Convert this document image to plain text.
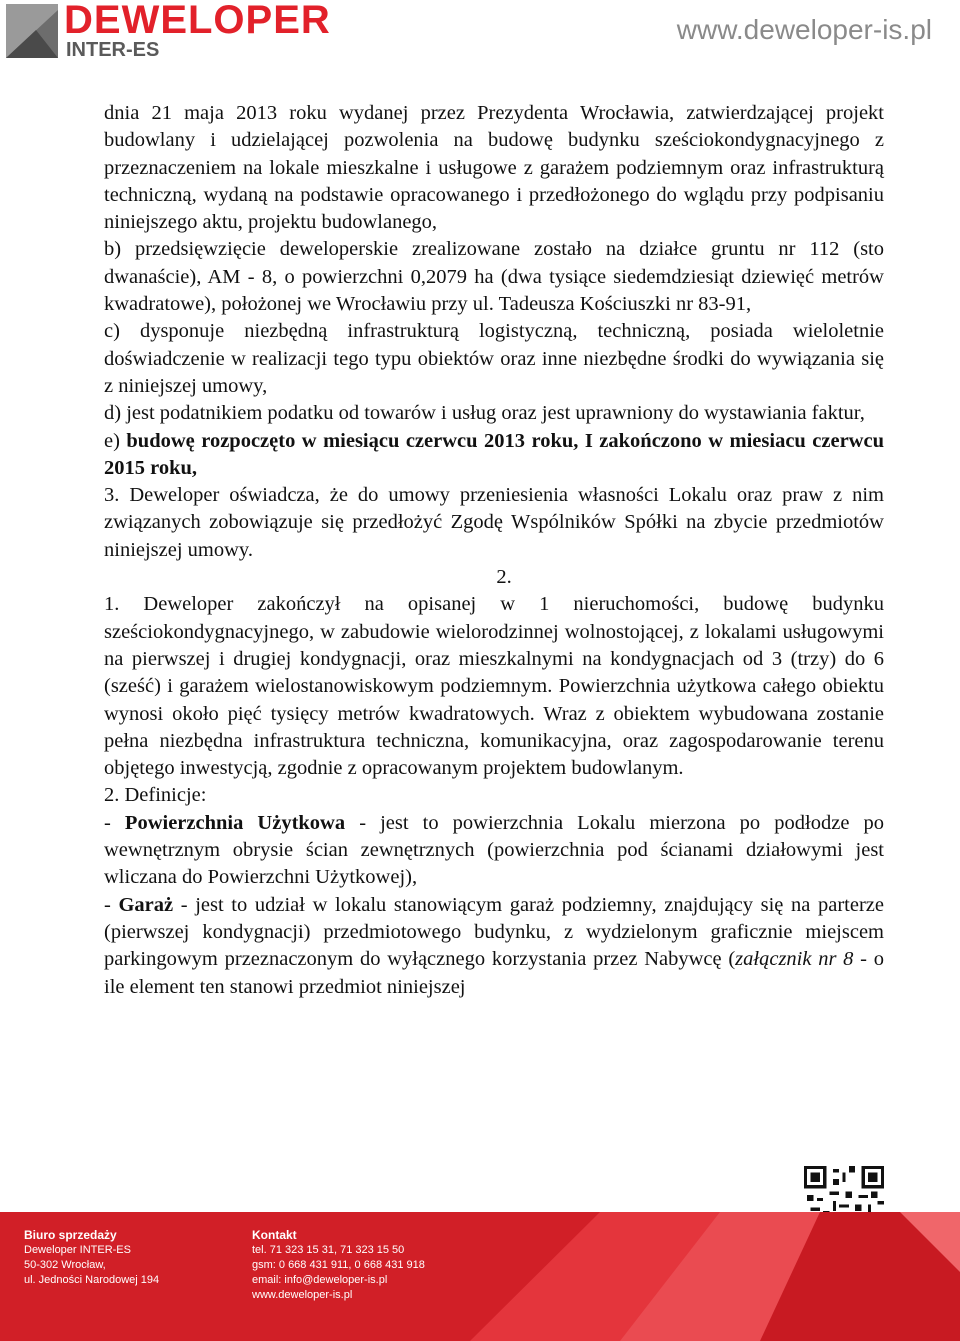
DEWELOPER
INTER-ES
www.deweloper-is.pl

dnia 21 maja 2013 roku wydanej przez Prezydenta Wrocławia, zatwierdzającej projekt budowlany i udzielającej pozwolenia na budowę budynku sześciokondygnacyjnego z przeznaczeniem na lokale mieszkalne i usługowe z garażem podziemnym oraz infrastrukturą techniczną, wydaną na podstawie opracowanego i przedłożonego do wglądu przy podpisaniu niniejszego aktu, projektu budowlanego,

b) przedsięwzięcie deweloperskie zrealizowane zostało na działce gruntu nr 112 (sto dwanaście), AM - 8, o powierzchni 0,2079 ha (dwa tysiące siedemdziesiąt dziewięć metrów kwadratowe), położonej we Wrocławiu przy ul. Tadeusza Kościuszki nr 83-91,

c) dysponuje niezbędną infrastrukturą logistyczną, techniczną, posiada wieloletnie doświadczenie w realizacji tego typu obiektów oraz inne niezbędne środki do wywiązania się z niniejszej umowy,

d) jest podatnikiem podatku od towarów i usług oraz jest uprawniony do wystawiania faktur,

e) budowę rozpoczęto w miesiącu czerwcu 2013 roku, I zakończono w miesiacu czerwcu 2015 roku,

3. Deweloper oświadcza, że do umowy przeniesienia własności Lokalu oraz praw z nim związanych zobowiązuje się przedłożyć Zgodę Wspólników Spółki na zbycie przedmiotów niniejszej umowy.

2.

1. Deweloper zakończył na opisanej w 1 nieruchomości, budowę budynku sześciokondygnacyjnego, w zabudowie wielorodzinnej wolnostojącej, z lokalami usługowymi na pierwszej i drugiej kondygnacji, oraz mieszkalnymi na kondygnacjach od 3 (trzy) do 6 (sześć) i garażem wielostanowiskowym podziemnym. Powierzchnia użytkowa całego obiektu wynosi około pięć tysięcy metrów kwadratowych. Wraz z obiektem wybudowana zostanie pełna niezbędna infrastruktura techniczna, komunikacyjna, oraz zagospodarowanie terenu objętego inwestycją, zgodnie z opracowanym projektem budowlanym.

2. Definicje:

- Powierzchnia Użytkowa - jest to powierzchnia Lokalu mierzona po podłodze po wewnętrznym obrysie ścian zewnętrznych (powierzchnia pod ścianami działowymi jest wliczana do Powierzchni Użytkowej),

- Garaż - jest to udział w lokalu stanowiącym garaż podziemny, znajdujący się na parterze (pierwszej kondygnacji) przedmiotowego budynku, z wydzielonym graficznie miejscem parkingowym przeznaczonym do wyłącznego korzystania przez Nabywcę (załącznik nr 8 - o ile element ten stanowi przedmiot niniejszej

Biuro sprzedaży
Deweloper INTER-ES
50-302 Wrocław,
ul. Jedności Narodowej 194
Kontakt
tel. 71 323 15 31, 71 323 15 50
gsm: 0 668 431 911, 0 668 431 918
email: info@deweloper-is.pl
www.deweloper-is.pl
